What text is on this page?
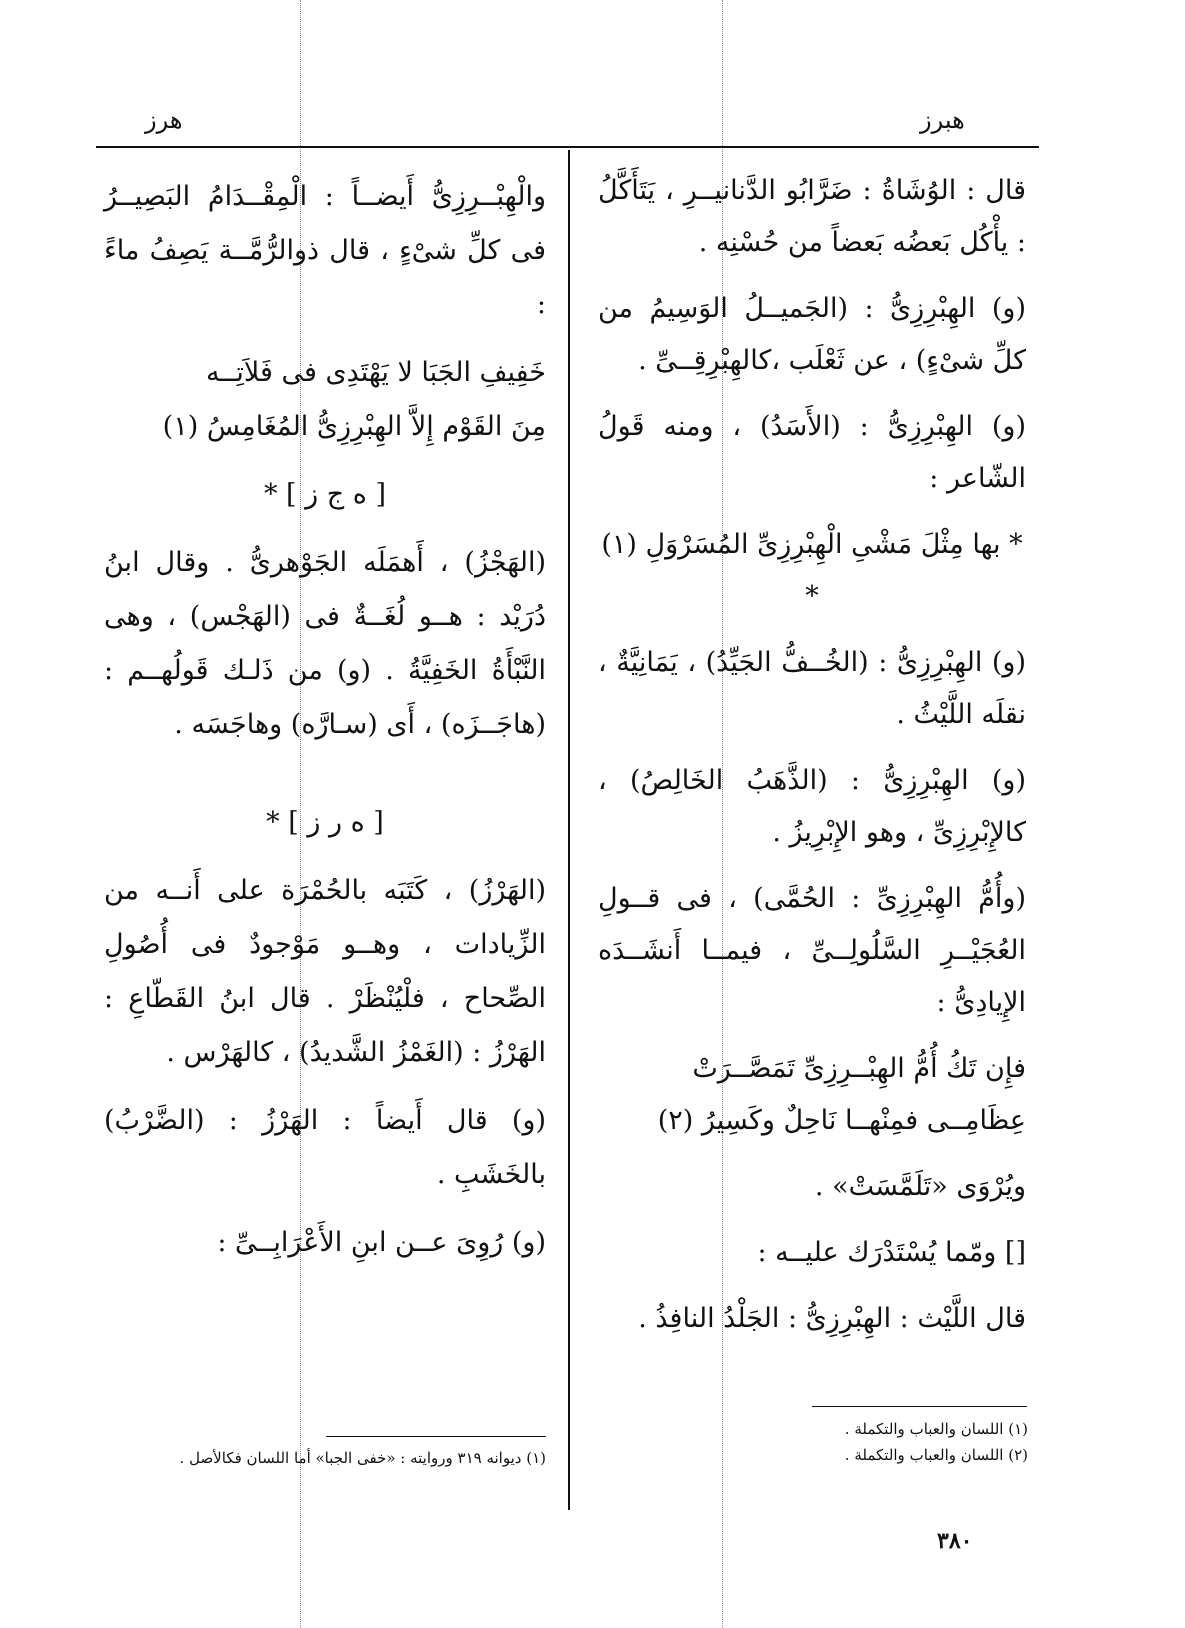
هبرز
هرز

قال : الوُشَاةُ : ضَرَّابُو الدَّنانيــرِ ، يَتَأَكَّلُ : يأْكُل بَعضُه بَعضاً من حُسْنِه .

(و) الهِبْرِزِىُّ : (الجَميــلُ الوَسِيمُ من كلِّ شىْءٍ) ، عن ثَعْلَب ،كالهِبْرِقِــىِّ .

(و) الهِبْرِزِىُّ : (الأَسَدُ) ، ومنه قَولُ الشّاعر :

* بها مِثْلَ مَشْىِ الْهِبْرِزِىِّ المُسَرْوَلِ (١) *

(و) الهِبْرِزِىُّ : (الخُــفُّ الجَيِّدُ) ، يَمَانِيَّةٌ ، نقلَه اللَّيْثُ .

(و) الهِبْرِزِىُّ : (الذَّهَبُ الخَالِصُ) ، كالإِبْرِزِىِّ ، وهو الإِبْرِيزُ .

(وأُمُّ الهِبْرِزِىِّ : الحُمَّى) ، فى قــولِ العُجَيْــرِ السَّلُولِــىِّ ، فيمــا أَنشَــدَه الإِيادِىُّ :

فإِن تَكُ أُمُّ الهِبْــرِزِىِّ تَمَصَّــرَتْ

عِظَامِــى فمِنْهــا نَاحِلٌ وكَسِيرُ (٢)

ويُرْوَى «تَلَمَّسَتْ» .

[] ومّما يُسْتَدْرَك عليــه :

قال اللَّيْث : الهِبْرِزِىُّ : الجَلْدُ النافِذُ .

والْهِبْــرِزِىُّ أَيضــاً : الْمِقْــدَامُ البَصِيــرُ فى كلِّ شىْءٍ ، قال ذوالرُّمَّــة يَصِفُ ماءً :

خَفِيفِ الجَبَا لا يَهْتَدِى فى فَلاَتِــه

مِنَ القَوْم إِلاَّ الهِبْرِزِىُّ المُغَامِسُ (١)

[ ه ج ز ] *

(الهَجْزُ) ، أَهمَلَه الجَوْهرىُّ . وقال ابنُ دُرَيْد : هــو لُغَــةٌ فى (الهَجْس) ، وهى النَّبْأَةُ الخَفِيَّةُ . (و) من ذَلـك قَولُهــم : (هاجَــزَه) ، أَى (سـارَّه) وهاجَسَه .

[ ه ر ز ] *

(الهَرْزُ) ، كَتَبَه بالحُمْرَة على أَنــه من الزِّيادات ، وهــو مَوْجودٌ فى أُصُولِ الصِّحاح ، فلْيُنْظَرْ . قال ابنُ القَطّاعِ : الهَرْزُ : (الغَمْزُ الشَّديدُ) ، كالهَرْس .

(و) قال أَيضاً : الهَرْزُ : (الضَّرْبُ) بالخَشَبِ .

(و) رُوِىَ عــن ابنِ الأَعْرَابِــىِّ :

(١) اللسان والعباب والتكملة .
(٢) اللسان والعباب والتكملة .
(١) ديوانه ٣١٩ وروايته : «خفى الجبا» أما اللسان فكالأصل .
٣٨٠
